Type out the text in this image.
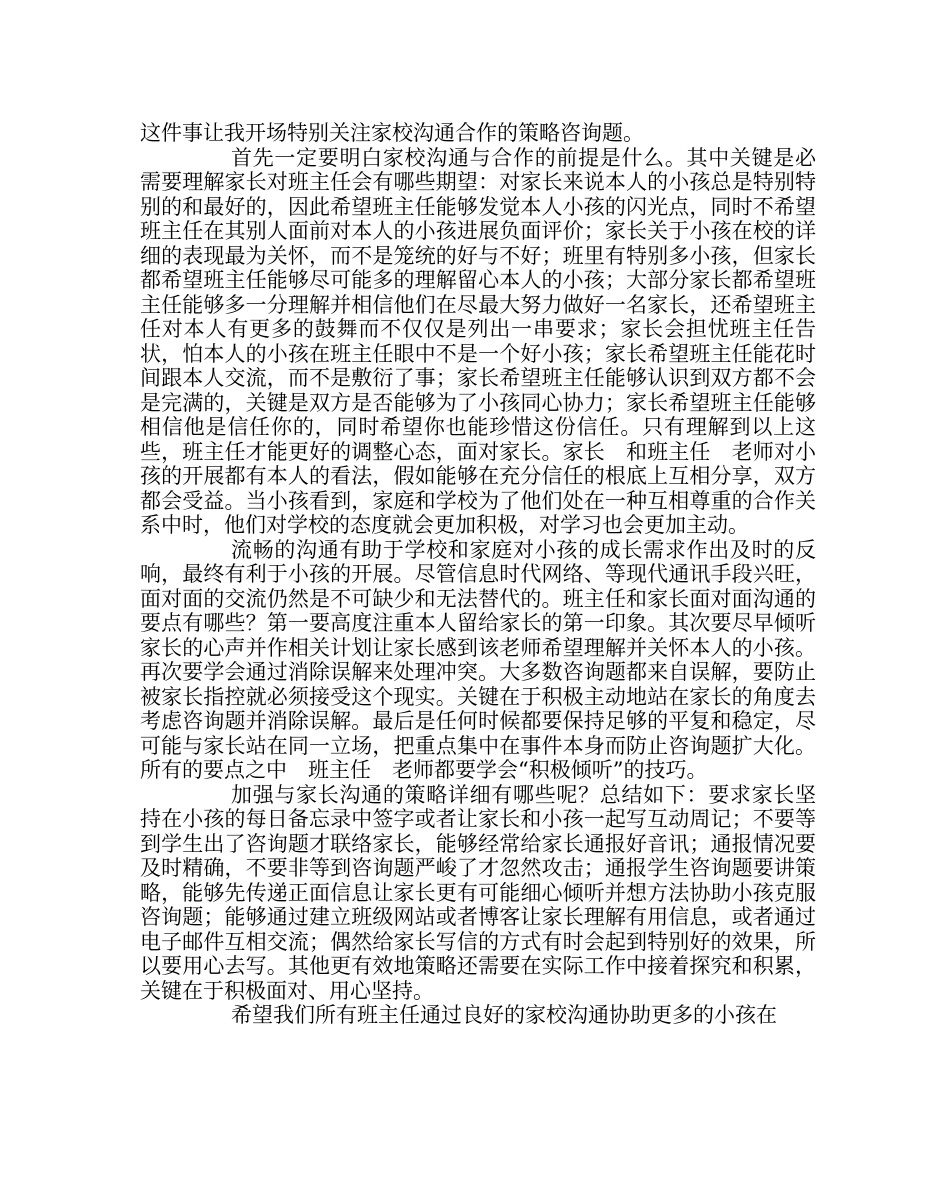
这件事让我开场特别关注家校沟通合作的策略咨询题。

首先一定要明白家校沟通与合作的前提是什么。其中关键是必需要理解家长对班主任会有哪些期望：对家长来说本人的小孩总是特别特别的和最好的，因此希望班主任能够发觉本人小孩的闪光点，同时不希望班主任在其别人面前对本人的小孩进展负面评价；家长关于小孩在校的详细的表现最为关怀，而不是笼统的好与不好；班里有特别多小孩，但家长都希望班主任能够尽可能多的理解留心本人的小孩；大部分家长都希望班主任能够多一分理解并相信他们在尽最大努力做好一名家长，还希望班主任对本人有更多的鼓舞而不仅仅是列出一串要求；家长会担忧班主任告状，怕本人的小孩在班主任眼中不是一个好小孩；家长希望班主任能花时间跟本人交流，而不是敷衍了事；家长希望班主任能够认识到双方都不会是完满的，关键是双方是否能够为了小孩同心协力；家长希望班主任能够相信他是信任你的，同时希望你也能珍惜这份信任。只有理解到以上这些，班主任才能更好的调整心态，面对家长。家长　和班主任　老师对小孩的开展都有本人的看法，假如能够在充分信任的根底上互相分享，双方都会受益。当小孩看到，家庭和学校为了他们处在一种互相尊重的合作关系中时，他们对学校的态度就会更加积极，对学习也会更加主动。

流畅的沟通有助于学校和家庭对小孩的成长需求作出及时的反响，最终有利于小孩的开展。尽管信息时代网络、等现代通讯手段兴旺，面对面的交流仍然是不可缺少和无法替代的。班主任和家长面对面沟通的要点有哪些？第一要高度注重本人留给家长的第一印象。其次要尽早倾听家长的心声并作相关计划让家长感到该老师希望理解并关怀本人的小孩。再次要学会通过消除误解来处理冲突。大多数咨询题都来自误解，要防止被家长指控就必须接受这个现实。关键在于积极主动地站在家长的角度去考虑咨询题并消除误解。最后是任何时候都要保持足够的平复和稳定，尽可能与家长站在同一立场，把重点集中在事件本身而防止咨询题扩大化。所有的要点之中　班主任　老师都要学会“积极倾听”的技巧。

加强与家长沟通的策略详细有哪些呢？总结如下：要求家长坚持在小孩的每日备忘录中签字或者让家长和小孩一起写互动周记；不要等到学生出了咨询题才联络家长，能够经常给家长通报好音讯；通报情况要及时精确，不要非等到咨询题严峻了才忽然攻击；通报学生咨询题要讲策略，能够先传递正面信息让家长更有可能细心倾听并想方法协助小孩克服咨询题；能够通过建立班级网站或者博客让家长理解有用信息，或者通过电子邮件互相交流；偶然给家长写信的方式有时会起到特别好的效果，所以要用心去写。其他更有效地策略还需要在实际工作中接着探究和积累，关键在于积极面对、用心坚持。

希望我们所有班主任通过良好的家校沟通协助更多的小孩在
